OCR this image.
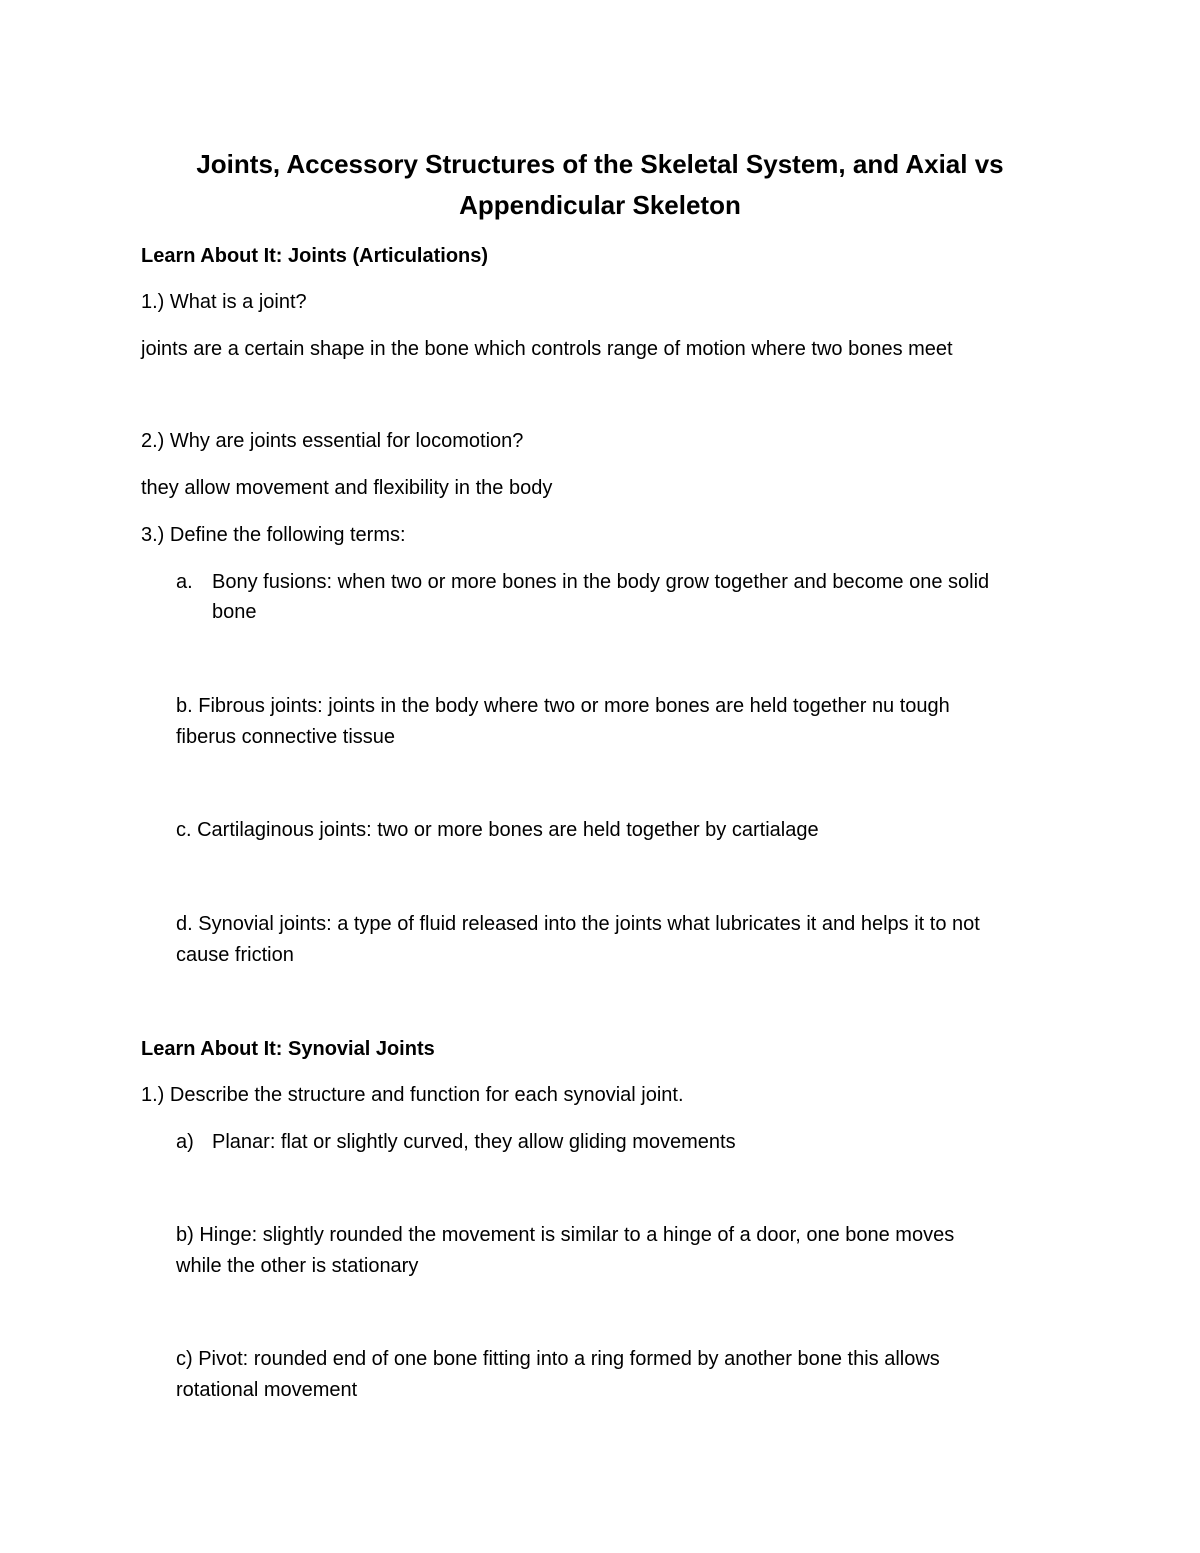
Joints, Accessory Structures of the Skeletal System, and Axial vs
Appendicular Skeleton
Learn About It: Joints (Articulations)
1.) What is a joint?
joints are a certain shape in the bone which controls range of motion where two bones meet
2.) Why are joints essential for locomotion?
they allow movement and flexibility in the body
3.) Define the following terms:
a. Bony fusions: when two or more bones in the body grow together and become one solid
bone
b. Fibrous joints: joints in the body where two or more bones are held together nu tough
fiberus connective tissue
c. Cartilaginous joints: two or more bones are held together by cartialage
d. Synovial joints: a type of fluid released into the joints what lubricates it and helps it to not
cause friction
Learn About It: Synovial Joints
1.) Describe the structure and function for each synovial joint.
a) Planar: flat or slightly curved, they allow gliding movements
b) Hinge: slightly rounded the movement is similar to a hinge of a door, one bone moves
while the other is stationary
c) Pivot: rounded end of one bone fitting into a ring formed by another bone this allows
rotational movement
